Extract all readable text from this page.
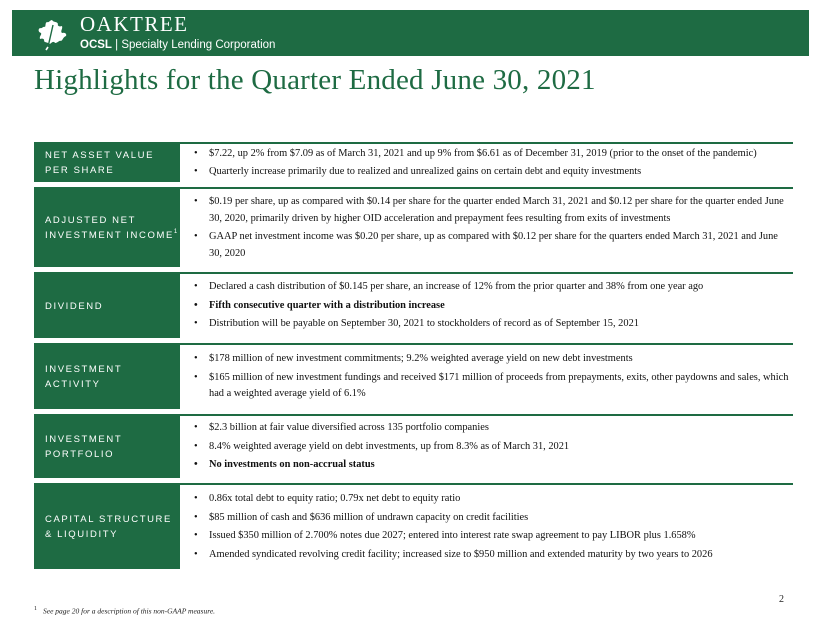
OAKTREE
OCSL | Specialty Lending Corporation
Highlights for the Quarter Ended June 30, 2021
NET ASSET VALUE
PER SHARE
• $7.22, up 2% from $7.09 as of March 31, 2021 and up 9% from $6.61 as of December 31, 2019 (prior to the onset of the pandemic)
• Quarterly increase primarily due to realized and unrealized gains on certain debt and equity investments
ADJUSTED NET
INVESTMENT INCOME$^1$
• $0.19 per share, up as compared with $0.14 per share for the quarter ended March 31, 2021 and $0.12 per share for the quarter ended June 30, 2020, primarily driven by higher OID acceleration and prepayment fees resulting from exits of investments
• GAAP net investment income was $0.20 per share, up as compared with $0.12 per share for the quarters ended March 31, 2021 and June 30, 2020
DIVIDEND
• Declared a cash distribution of $0.145 per share, an increase of 12% from the prior quarter and 38% from one year ago
• Fifth consecutive quarter with a distribution increase
• Distribution will be payable on September 30, 2021 to stockholders of record as of September 15, 2021
INVESTMENT
ACTIVITY
• $178 million of new investment commitments; 9.2% weighted average yield on new debt investments
• $165 million of new investment fundings and received $171 million of proceeds from prepayments, exits, other paydowns and sales, which had a weighted average yield of 6.1%
INVESTMENT
PORTFOLIO
• $2.3 billion at fair value diversified across 135 portfolio companies
• 8.4% weighted average yield on debt investments, up from 8.3% as of March 31, 2021
• No investments on non-accrual status
CAPITAL STRUCTURE
& LIQUIDITY
• 0.86x total debt to equity ratio; 0.79x net debt to equity ratio
• $85 million of cash and $636 million of undrawn capacity on credit facilities
• Issued $350 million of 2.700% notes due 2027; entered into interest rate swap agreement to pay LIBOR plus 1.658%
• Amended syndicated revolving credit facility; increased size to $950 million and extended maturity by two years to 2026
2
$^1$ See page 20 for a description of this non-GAAP measure.
